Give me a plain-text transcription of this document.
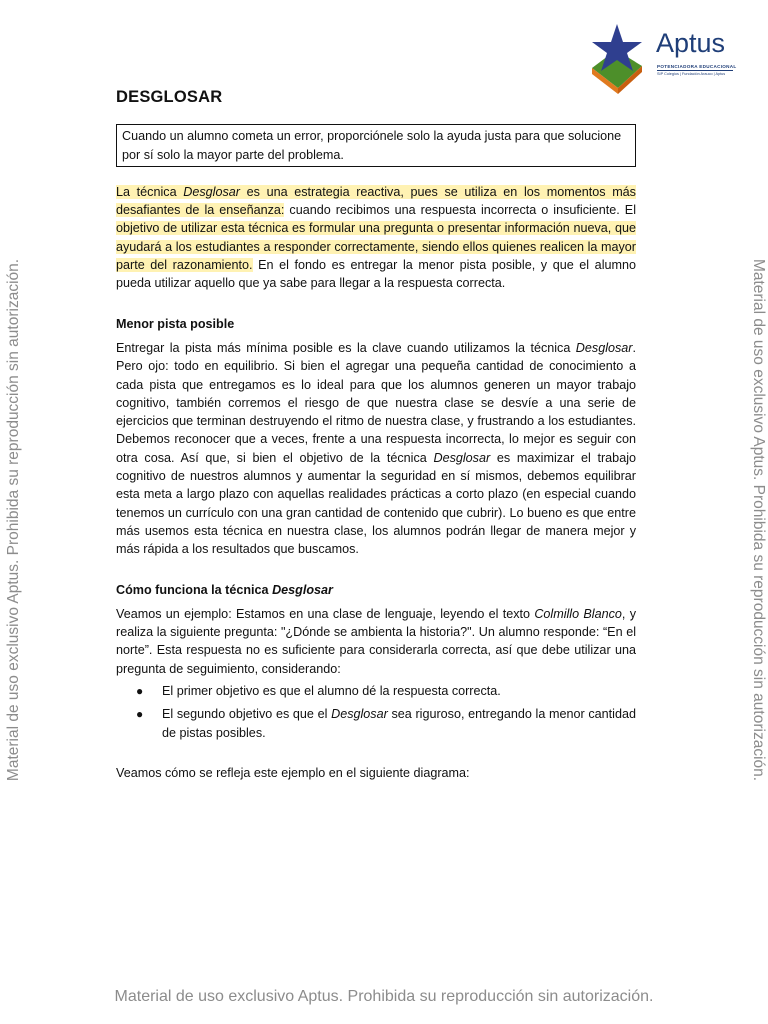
Aptus
POTENCIADORA EDUCACIONAL
SIP Colegios | Fundación Arauco | Aptus
Material de uso exclusivo Aptus. Prohibida su reproducción sin autorización.	Material de uso exclusivo Aptus. Prohibida su reproducción sin autorización.
Material de uso exclusivo Aptus. Prohibida su reproducción sin autorización.
DESGLOSAR
Cuando un alumno cometa un error, proporciónele solo la ayuda justa para que solucione por sí solo la mayor parte del problema.

La técnica Desglosar es una estrategia reactiva, pues se utiliza en los momentos más desafiantes de la enseñanza: cuando recibimos una respuesta incorrecta o insuficiente. El objetivo de utilizar esta técnica es formular una pregunta o presentar información nueva, que ayudará a los estudiantes a responder correctamente, siendo ellos quienes realicen la mayor parte del razonamiento. En el fondo es entregar la menor pista posible, y que el alumno pueda utilizar aquello que ya sabe para llegar a la respuesta correcta.

Menor pista posible

Entregar la pista más mínima posible es la clave cuando utilizamos la técnica Desglosar. Pero ojo: todo en equilibrio. Si bien el agregar una pequeña cantidad de conocimiento a cada pista que entregamos es lo ideal para que los alumnos generen un mayor trabajo cognitivo, también corremos el riesgo de que nuestra clase se desvíe a una serie de ejercicios que terminan destruyendo el ritmo de nuestra clase, y frustrando a los estudiantes. Debemos reconocer que a veces, frente a una respuesta incorrecta, lo mejor es seguir con otra cosa. Así que, si bien el objetivo de la técnica Desglosar es maximizar el trabajo cognitivo de nuestros alumnos y aumentar la seguridad en sí mismos, debemos equilibrar esta meta a largo plazo con aquellas realidades prácticas a corto plazo (en especial cuando tenemos un currículo con una gran cantidad de contenido que cubrir). Lo bueno es que entre más usemos esta técnica en nuestra clase, los alumnos podrán llegar de manera mejor y más rápida a los resultados que buscamos.

Cómo funciona la técnica Desglosar

Veamos un ejemplo: Estamos en una clase de lenguaje, leyendo el texto Colmillo Blanco, y realiza la siguiente pregunta: "¿Dónde se ambienta la historia?". Un alumno responde: “En el norte”. Esta respuesta no es suficiente para considerarla correcta, así que debe utilizar una pregunta de seguimiento, considerando:

● El primer objetivo es que el alumno dé la respuesta correcta.
● El segundo objetivo es que el Desglosar sea riguroso, entregando la menor cantidad de pistas posibles.

Veamos cómo se refleja este ejemplo en el siguiente diagrama:
